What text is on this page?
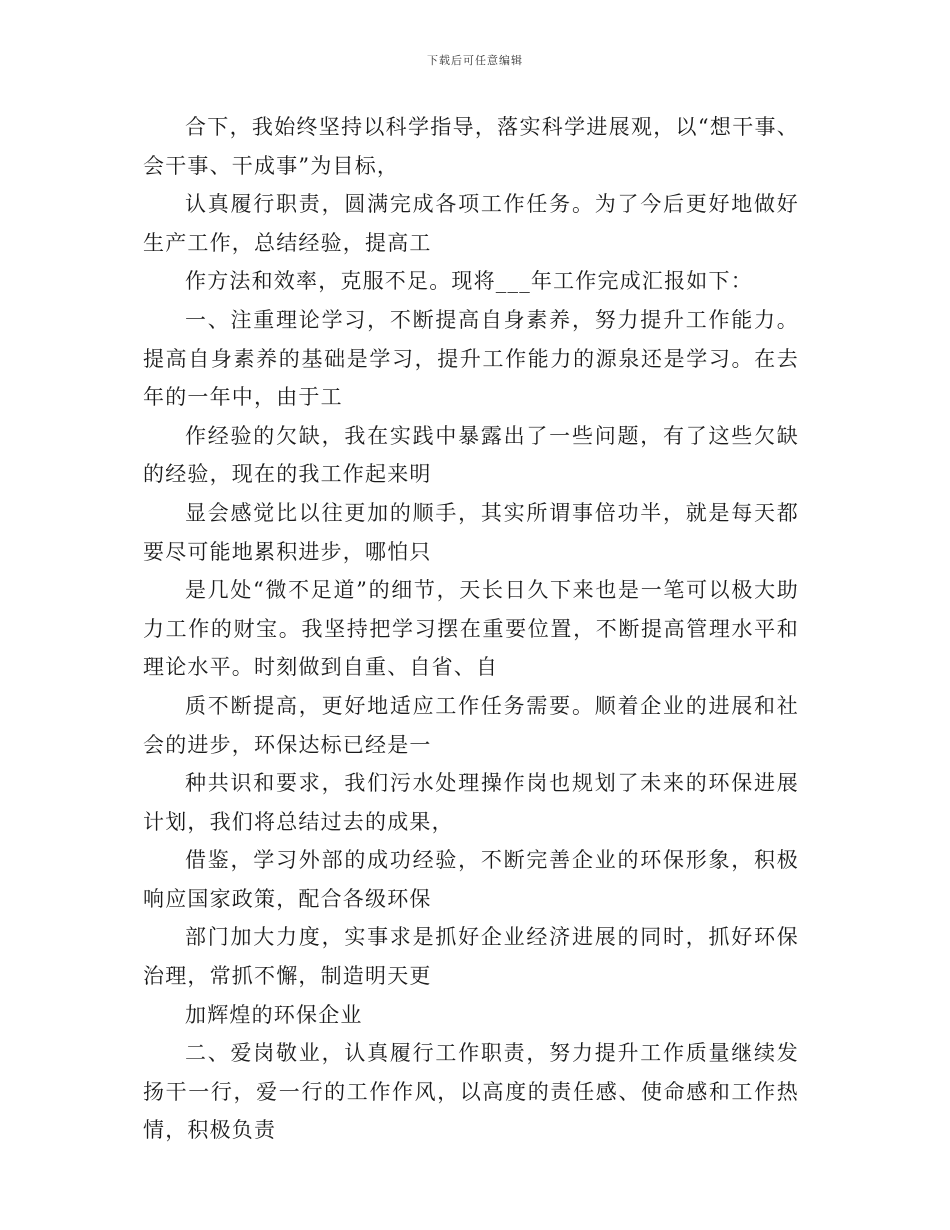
下载后可任意编辑

合下，我始终坚持以科学指导，落实科学进展观，以“想干事、会干事、干成事”为目标，

认真履行职责，圆满完成各项工作任务。为了今后更好地做好生产工作，总结经验，提高工

作方法和效率，克服不足。现将___年工作完成汇报如下：

一、注重理论学习，不断提高自身素养，努力提升工作能力。提高自身素养的基础是学习，提升工作能力的源泉还是学习。在去年的一年中，由于工

作经验的欠缺，我在实践中暴露出了一些问题，有了这些欠缺的经验，现在的我工作起来明

显会感觉比以往更加的顺手，其实所谓事倍功半，就是每天都要尽可能地累积进步，哪怕只

是几处“微不足道”的细节，天长日久下来也是一笔可以极大助力工作的财宝。我坚持把学习摆在重要位置，不断提高管理水平和理论水平。时刻做到自重、自省、自

质不断提高，更好地适应工作任务需要。顺着企业的进展和社会的进步，环保达标已经是一

种共识和要求，我们污水处理操作岗也规划了未来的环保进展计划，我们将总结过去的成果，

借鉴，学习外部的成功经验，不断完善企业的环保形象，积极响应国家政策，配合各级环保

部门加大力度，实事求是抓好企业经济进展的同时，抓好环保治理，常抓不懈，制造明天更

加辉煌的环保企业

二、爱岗敬业，认真履行工作职责，努力提升工作质量继续发扬干一行，爱一行的工作作风，以高度的责任感、使命感和工作热情，积极负责
